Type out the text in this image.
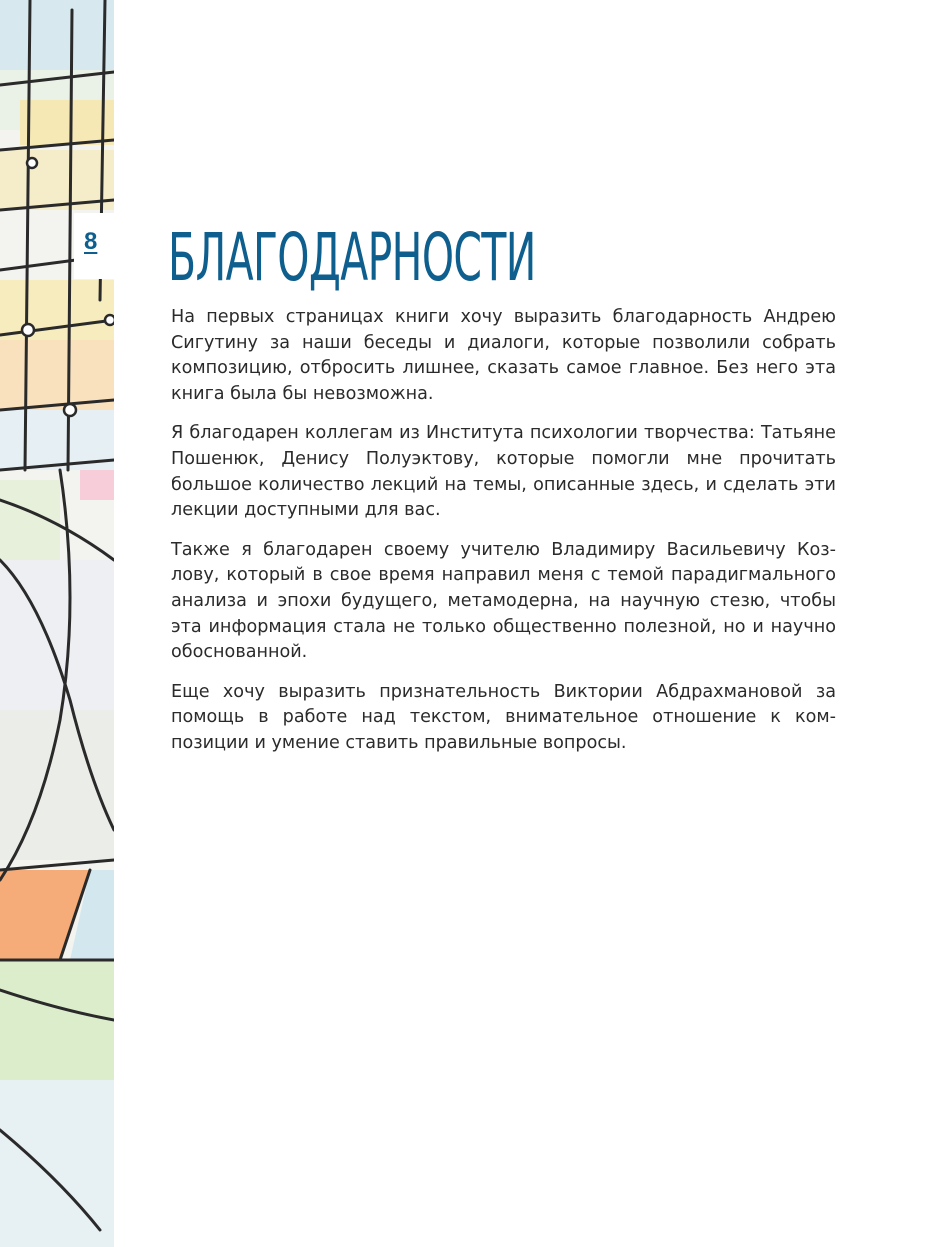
8 БЛАГОДАРНОСТИ

На первых страницах книги хочу выразить благодарность Андрею Сигутину за наши беседы и диалоги, которые позволили собрать композицию, отбросить лишнее, сказать самое главное. Без него эта книга была бы невозможна.

Я благодарен коллегам из Института психологии творчества: Татьяне Пошенюк, Денису Полуэктову, которые помогли мне прочитать большое количество лекций на темы, описанные здесь, и сделать эти лекции доступными для вас.

Также я благодарен своему учителю Владимиру Васильевичу Козлову, который в свое время направил меня с темой парадигмального анализа и эпохи будущего, метамодерна, на научную стезю, чтобы эта информация стала не только общественно полезной, но и научно обоснованной.

Еще хочу выразить признательность Виктории Абдрахмановой за помощь в работе над текстом, внимательное отношение к композиции и умение ставить правильные вопросы.
